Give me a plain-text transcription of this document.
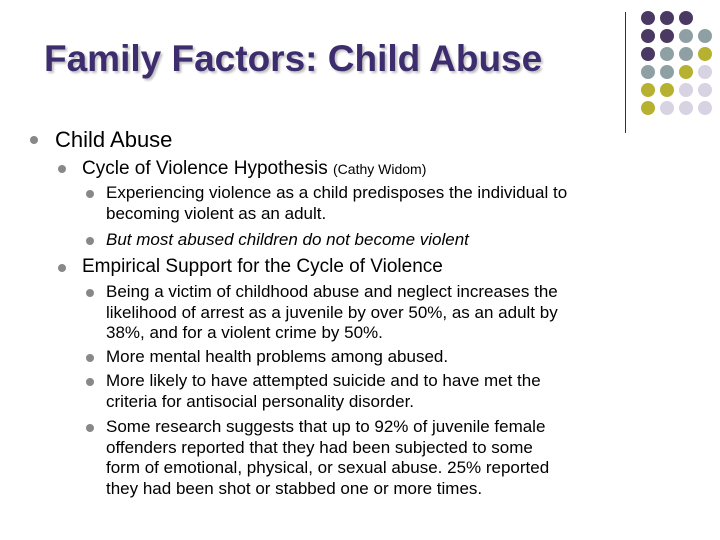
Family Factors: Child Abuse
Child Abuse
Cycle of Violence Hypothesis (Cathy Widom)
Experiencing violence as a child predisposes the individual to
becoming violent as an adult.
But most abused children do not become violent
Empirical Support for the Cycle of Violence
Being a victim of childhood abuse and neglect increases the
likelihood of arrest as a juvenile by over 50%, as an adult by
38%, and for a violent crime by 50%.
More mental health problems among abused.
More likely to have attempted suicide and to have met the
criteria for antisocial personality disorder.
Some research suggests that up to 92% of juvenile female
offenders reported that they had been subjected to some
form of emotional, physical, or sexual abuse. 25% reported
they had been shot or stabbed one or more times.
